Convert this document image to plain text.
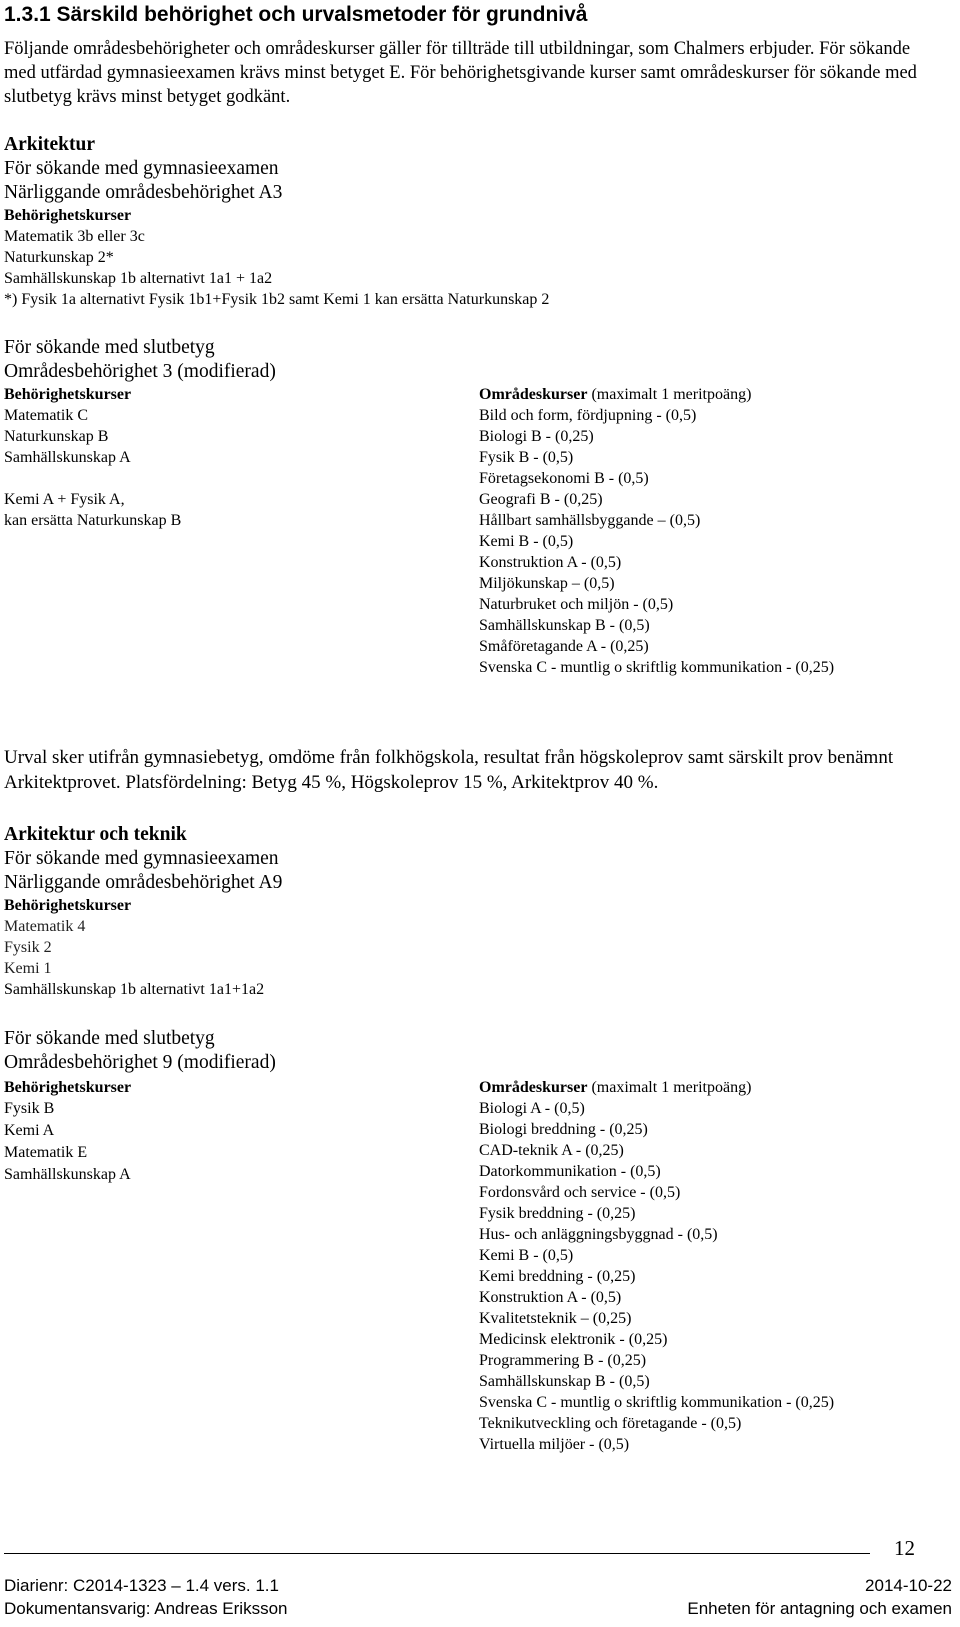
1.3.1 Särskild behörighet och urvalsmetoder för grundnivå
Följande områdesbehörigheter och områdeskurser gäller för tillträde till utbildningar, som Chalmers erbjuder. För sökande med utfärdad gymnasieexamen krävs minst betyget E. För behörighetsgivande kurser samt områdeskurser för sökande med slutbetyg krävs minst betyget godkänt.
Arkitektur
För sökande med gymnasieexamen
Närliggande områdesbehörighet A3
Behörighetskurser
Matematik 3b eller 3c
Naturkunskap 2*
Samhällskunskap 1b alternativt 1a1 + 1a2
*) Fysik 1a alternativt Fysik 1b1+Fysik 1b2 samt Kemi 1 kan ersätta Naturkunskap 2
För sökande med slutbetyg
Områdesbehörighet 3 (modifierad)
Behörighetskurser
Matematik C
Naturkunskap B
Samhällskunskap A
Kemi A + Fysik A,
kan ersätta Naturkunskap B
Områdeskurser (maximalt 1 meritpoäng)
Bild och form, fördjupning - (0,5)
Biologi B - (0,25)
Fysik B - (0,5)
Företagsekonomi B - (0,5)
Geografi B - (0,25)
Hållbart samhällsbyggande – (0,5)
Kemi B - (0,5)
Konstruktion A - (0,5)
Miljökunskap – (0,5)
Naturbruket och miljön - (0,5)
Samhällskunskap B - (0,5)
Småföretagande A - (0,25)
Svenska C - muntlig o skriftlig kommunikation - (0,25)
Urval sker utifrån gymnasiebetyg, omdöme från folkhögskola, resultat från högskoleprov samt särskilt prov benämnt Arkitektprovet. Platsfördelning: Betyg 45 %, Högskoleprov 15 %, Arkitektprov 40 %.
Arkitektur och teknik
För sökande med gymnasieexamen
Närliggande områdesbehörighet A9
Behörighetskurser
Matematik 4
Fysik 2
Kemi 1
Samhällskunskap 1b alternativt 1a1+1a2
För sökande med slutbetyg
Områdesbehörighet 9 (modifierad)
Behörighetskurser
Fysik B
Kemi A
Matematik E
Samhällskunskap A
Områdeskurser (maximalt 1 meritpoäng)
Biologi A - (0,5)
Biologi breddning - (0,25)
CAD-teknik A - (0,25)
Datorkommunikation - (0,5)
Fordonsvård och service - (0,5)
Fysik breddning - (0,25)
Hus- och anläggningsbyggnad - (0,5)
Kemi B - (0,5)
Kemi breddning - (0,25)
Konstruktion A - (0,5)
Kvalitetsteknik – (0,25)
Medicinsk elektronik - (0,25)
Programmering B - (0,25)
Samhällskunskap B - (0,5)
Svenska C - muntlig o skriftlig kommunikation - (0,25)
Teknikutveckling och företagande - (0,5)
Virtuella miljöer - (0,5)
12
Diarienr: C2014-1323 – 1.4 vers. 1.1
Dokumentansvarig: Andreas Eriksson
2014-10-22
Enheten för antagning och examen
